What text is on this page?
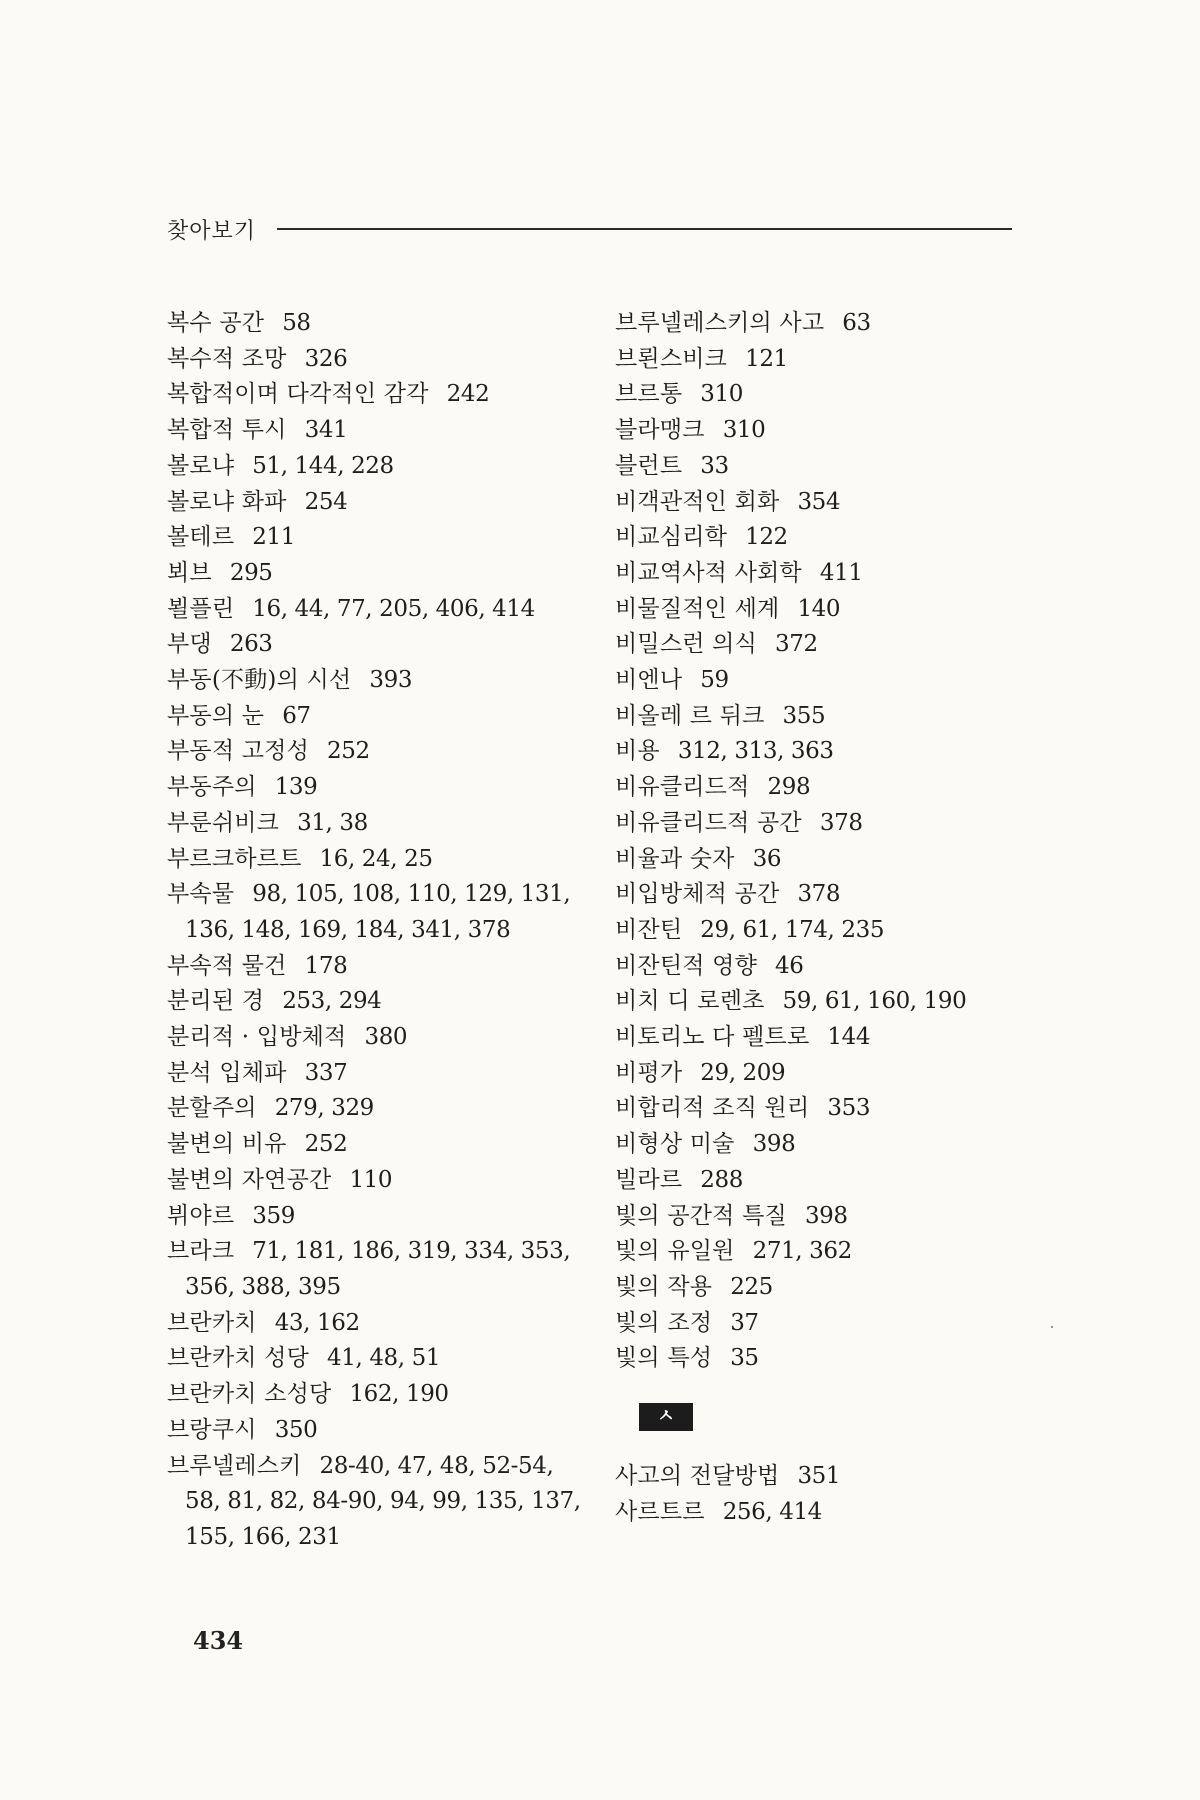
찾아보기
복수 공간 58
복수적 조망 326
복합적이며 다각적인 감각 242
복합적 투시 341
볼로냐 51, 144, 228
볼로냐 화파 254
볼테르 211
뵈브 295
뵐플린 16, 44, 77, 205, 406, 414
부댕 263
부동(不動)의 시선 393
부동의 눈 67
부동적 고정성 252
부동주의 139
부룬쉬비크 31, 38
부르크하르트 16, 24, 25
부속물 98, 105, 108, 110, 129, 131,
136, 148, 169, 184, 341, 378
부속적 물건 178
분리된 경 253, 294
분리적 · 입방체적 380
분석 입체파 337
분할주의 279, 329
불변의 비유 252
불변의 자연공간 110
뷔야르 359
브라크 71, 181, 186, 319, 334, 353,
356, 388, 395
브란카치 43, 162
브란카치 성당 41, 48, 51
브란카치 소성당 162, 190
브랑쿠시 350
브루넬레스키 28-40, 47, 48, 52-54,
58, 81, 82, 84-90, 94, 99, 135, 137,
155, 166, 231
브루넬레스키의 사고 63
브뢴스비크 121
브르통 310
블라맹크 310
블런트 33
비객관적인 회화 354
비교심리학 122
비교역사적 사회학 411
비물질적인 세계 140
비밀스런 의식 372
비엔나 59
비올레 르 뒤크 355
비용 312, 313, 363
비유클리드적 298
비유클리드적 공간 378
비율과 숫자 36
비입방체적 공간 378
비잔틴 29, 61, 174, 235
비잔틴적 영향 46
비치 디 로렌초 59, 61, 160, 190
비토리노 다 펠트로 144
비평가 29, 209
비합리적 조직 원리 353
비형상 미술 398
빌라르 288
빛의 공간적 특질 398
빛의 유일원 271, 362
빛의 작용 225
빛의 조정 37
빛의 특성 35
ㅅ
사고의 전달방법 351
사르트르 256, 414
434
